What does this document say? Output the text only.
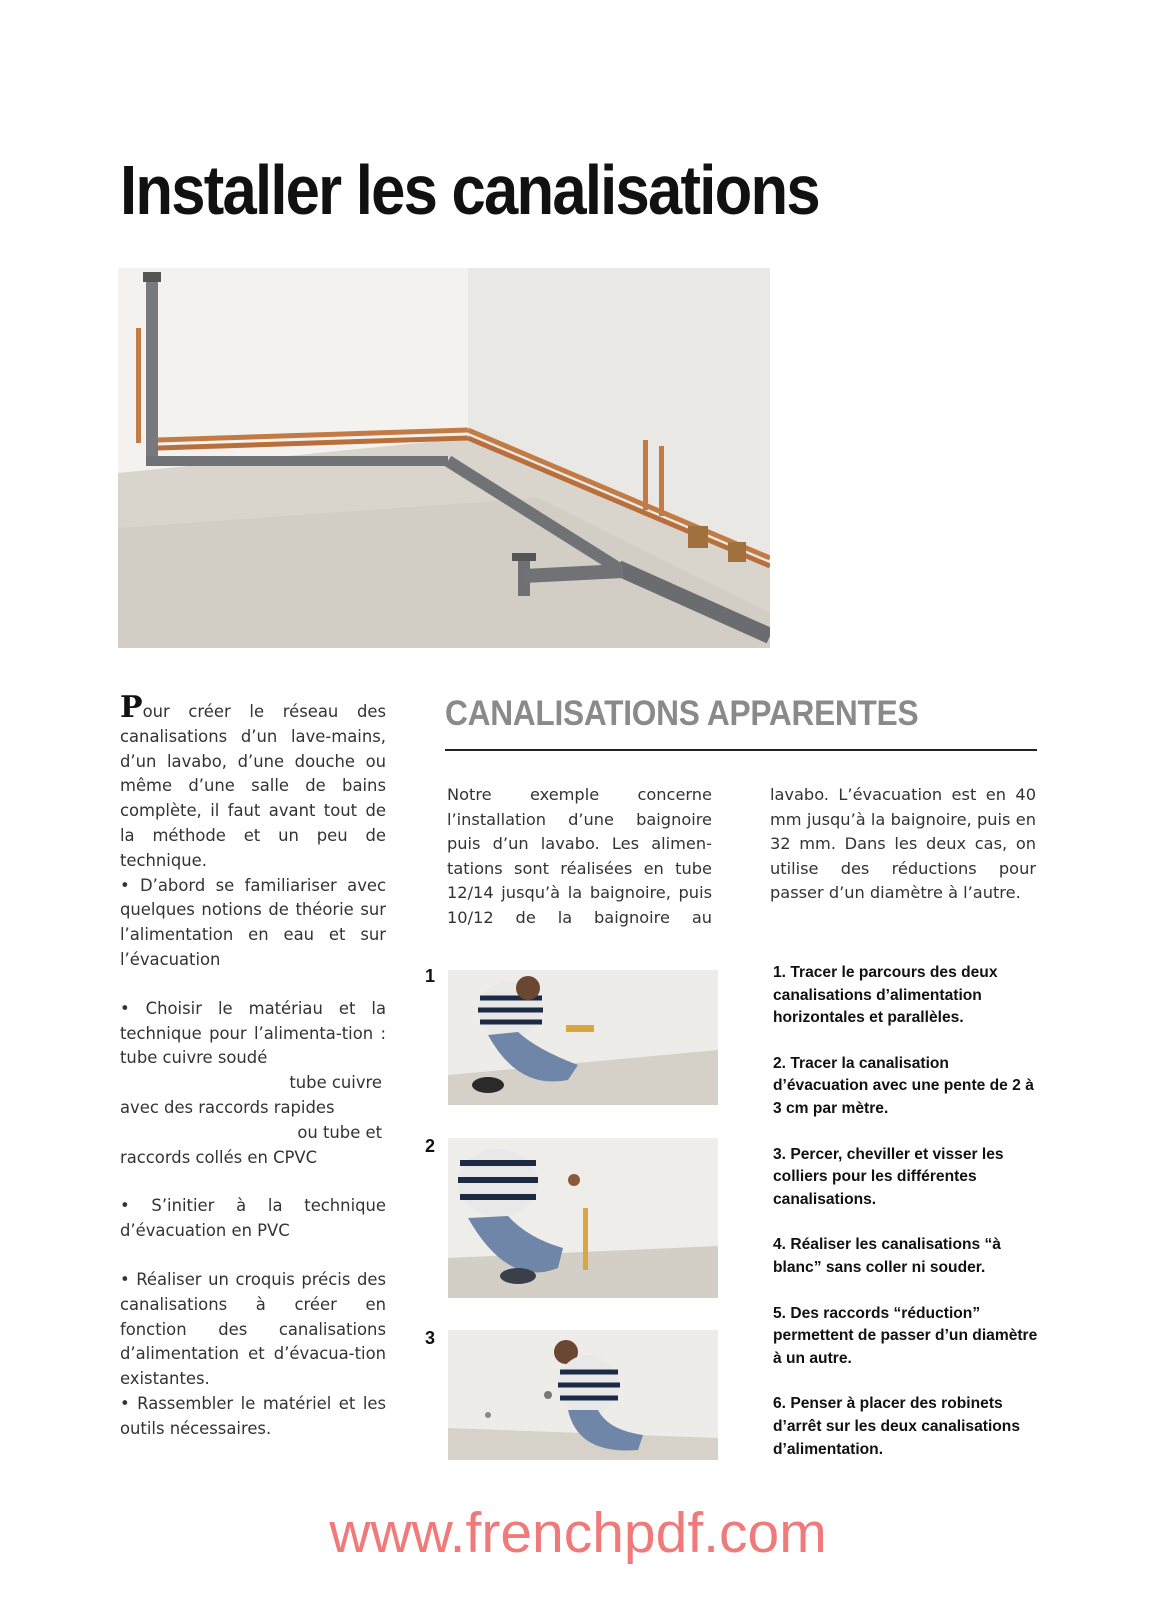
Installer les canalisations

Pour créer le réseau des canalisations d’un lave-mains, d’un lavabo, d’une douche ou même d’une salle de bains complète, il faut avant tout de la méthode et un peu de technique.

• D’abord se familiariser avec quelques notions de théorie sur l’alimentation en eau et sur l’évacuation

• Choisir le matériau et la technique pour l’alimenta-tion : tube cuivre soudé

tube cuivre

avec des raccords rapides

ou tube et

raccords collés en CPVC

• S’initier à la technique d’évacuation en PVC

• Réaliser un croquis précis des canalisations à créer en fonction des canalisations d’alimentation et d’évacua-tion existantes.

• Rassembler le matériel et les outils nécessaires.

CANALISATIONS APPARENTES

Notre exemple concerne l’installation d’une baignoire puis d’un lavabo. Les alimen-tations sont réalisées en tube 12/14 jusqu’à la baignoire, puis 10/12 de la baignoire au

lavabo. L’évacuation est en 40 mm jusqu’à la baignoire, puis en 32 mm. Dans les deux cas, on utilise des réductions pour passer d’un diamètre à l’autre.

1
2
3
1. Tracer le parcours des deux canalisations d’alimentation horizontales et parallèles.
2. Tracer la canalisation d’évacuation avec une pente de 2 à 3 cm par mètre.
3. Percer, cheviller et visser les colliers pour les différentes canalisations.
4. Réaliser les canalisations “à blanc” sans coller ni souder.
5. Des raccords “réduction” permettent de passer d’un diamètre à un autre.
6. Penser à placer des robinets d’arrêt sur les deux canalisations d’alimentation.
www.frenchpdf.com
